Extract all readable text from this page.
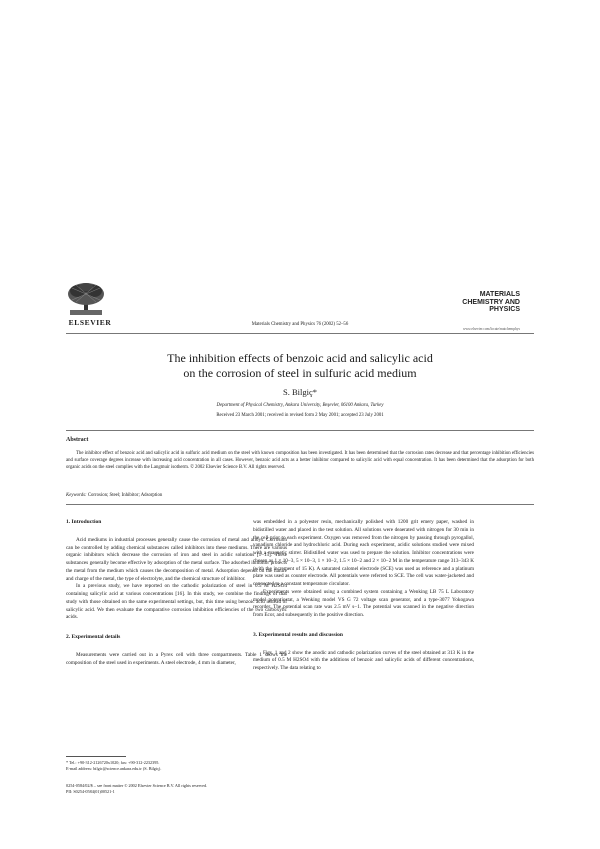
ELSEVIER	Materials Chemistry and Physics 76 (2002) 52–56
MATERIALS
CHEMISTRY AND
PHYSICS
www.elsevier.com/locate/matchemphys
The inhibition effects of benzoic acid and salicylic acid
on the corrosion of steel in sulfuric acid medium
S. Bilgiç*
Department of Physical Chemistry, Ankara University, Beşevler, 06100 Ankara, Turkey
Received 23 March 2001; received in revised form 2 May 2001; accepted 23 July 2001
Abstract

The inhibitor effect of benzoic acid and salicylic acid in sulfuric acid medium on the steel with known composition has been investigated. It has been determined that the corrosion rates decrease and that percentage inhibition efficiencies and surface coverage degrees increase with increasing acid concentration in all cases. However, benzoic acid acts as a better inhibitor compared to salicylic acid with equal concentration. It has been determined that the adsorption for both organic acids on the steel complies with the Langmuir isotherm. © 2002 Elsevier Science B.V. All rights reserved.

Keywords: Corrosion; Steel; Inhibitor; Adsorption
1. Introduction

Acid mediums in industrial processes generally cause the corrosion of metal and alloys. Corrosion can be controlled by adding chemical substances called inhibitors into these mediums. There are various organic inhibitors which decrease the corrosion of iron and steel in acidic solutions [1–15]. These substances generally become effective by adsorption of the metal surface. The adsorbed inhibitor protects the metal from the medium which causes the decomposition of metal. Adsorption depends on the nature and charge of the metal, the type of electrolyte, and the chemical structure of inhibitor.

In a previous study, we have reported on the cathodic polarization of steel in 0.5 M H2SO4 containing salicylic acid at various concentrations [16]. In this study, we combine the findings of that study with those obtained on the same experimental settings, but, this time using benzoic acid instead of salicylic acid. We then evaluate the comparative corrosion inhibition efficiencies of the two carboxylic acids.

2. Experimental details

Measurements were carried out in a Pyrex cell with three compartments. Table 1 shows the composition of the steel used in experiments. A steel electrode, 4 mm in diameter,

was embedded in a polyester resin, mechanically polished with 1200 grit emery paper, washed in bidistilled water and placed in the test solution. All solutions were deaerated with nitrogen for 30 min in the cell prior to each experiment. Oxygen was removed from the nitrogen by passing through pyrogallol, vanadium chloride and hydrochloric acid. During each experiment, acidic solutions studied were mixed with a magnetic stirrer. Bidistilled water was used to prepare the solution. Inhibitor concentrations were chosen as 1 × 10−3, 5 × 10−3, 1 × 10−2, 1.5 × 10−2 and 2 × 10−2 M in the temperature range 313–343 K (with the increment of 15 K). A saturated calomel electrode (SCE) was used as reference and a platinum plate was used as counter electrode. All potentials were referred to SCE. The cell was water-jacketed and connected to a constant temperature circulator.

Experiments were obtained using a combined system containing a Wenking LB 75 L Laboratory model potentiostat, a Wenking model VS G 72 voltage scan generator, and a type-3077 Yokogawa recorder. The potential scan rate was 2.5 mV s−1. The potential was scanned in the negative direction from Ecor, and subsequently in the positive direction.

3. Experimental results and discussion

Figs. 1 and 2 show the anodic and cathodic polarization curves of the steel obtained at 313 K in the medium of 0.5 M H2SO4 with the additions of benzoic and salicylic acids of different concentrations, respectively. The data relating to

* Tel.: +90-312-2126720x1020; fax: +90-312-2232395.
E-mail address: bilgic@science.ankara.edu.tr (S. Bilgiç).
0254-0584/02/$ – see front matter © 2002 Elsevier Science B.V. All rights reserved.
PII: S0254-0584(01)00521-1
